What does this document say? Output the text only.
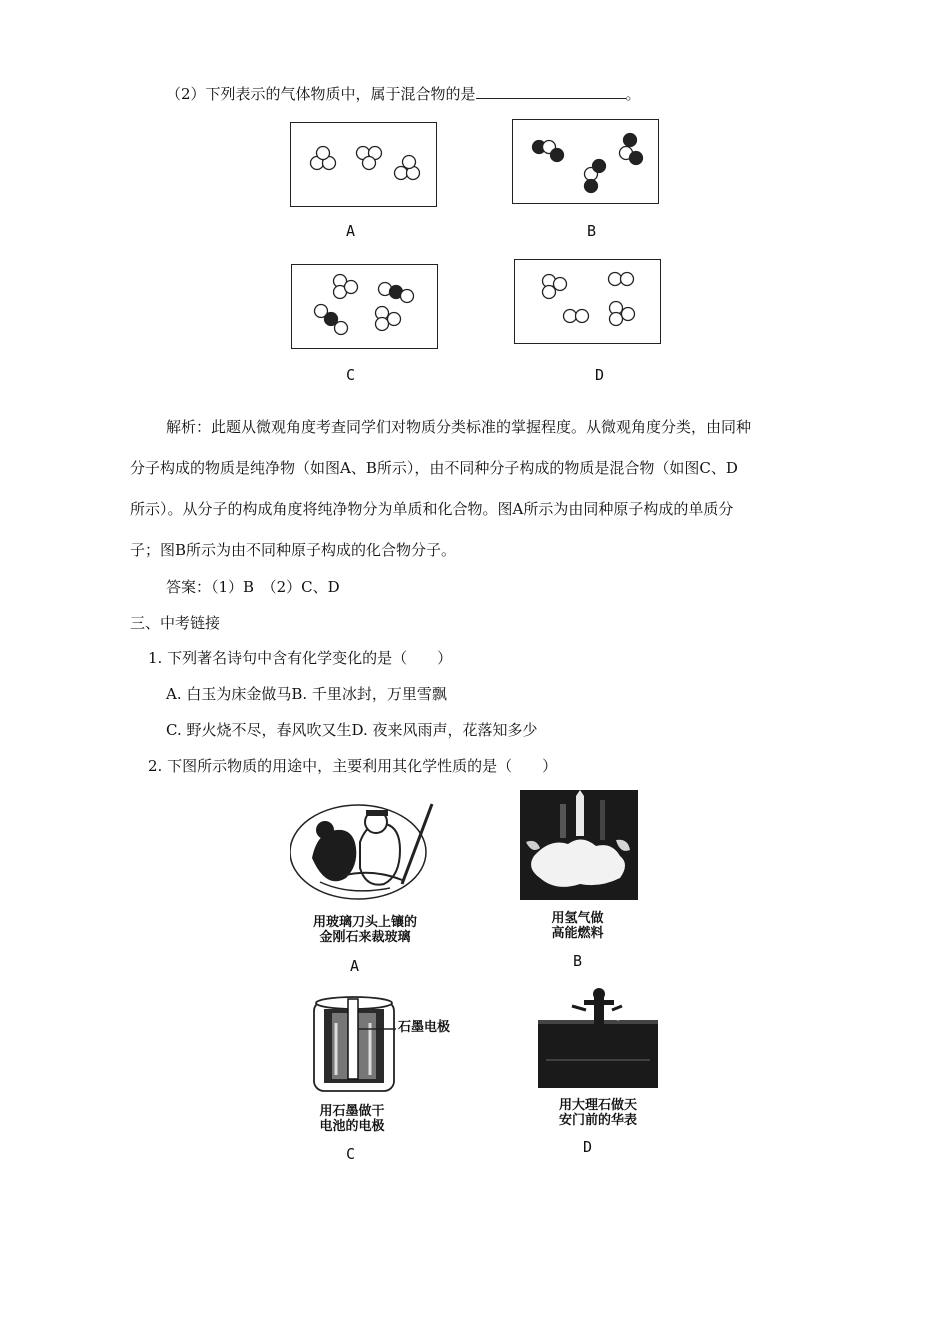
（2）下列表示的气体物质中，属于混合物的是	。
A	B
C	D
解析：此题从微观角度考查同学们对物质分类标准的掌握程度。从微观角度分类，由同种
分子构成的物质是纯净物（如图A、B所示），由不同种分子构成的物质是混合物（如图C、D
所示）。从分子的构成角度将纯净物分为单质和化合物。图A所示为由同种原子构成的单质分
子；图B所示为由不同种原子构成的化合物分子。
答案：（1）B　（2）C、D
三、中考链接
1. 下列著名诗句中含有化学变化的是（　　）
A. 白玉为床金做马B. 千里冰封，万里雪飘
C. 野火烧不尽，春风吹又生D. 夜来风雨声，花落知多少
2. 下图所示物质的用途中，主要利用其化学性质的是（　　）
用玻璃刀头上镶的
金刚石来裁玻璃
A
用氢气做
高能燃料
B
石墨电极
用石墨做干
电池的电极
C
用大理石做天
安门前的华表
D
